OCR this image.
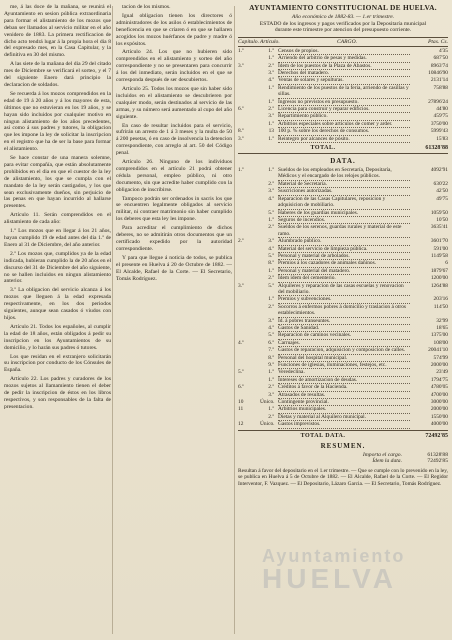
me, á las doce de la mañana, se reunirá el Ayuntamiento en sesion pública extraordinaria para formar el alistamiento de los mozos que deban ser llamados al servicio militar en el año venidero de 1883. La primera rectificacion de dicho acto tendrá lugar á la propia hora el dia 8 del expresado mes, en la Casa Capitular, y la definitiva en 30 del mismo.

A las siete de la mañana del dia 29 del citado mes de Diciembre se verificará el sorteo, y el 7 del siguiente Enero dará principio la declaracion de soldados.

Se recuerda á los mozos comprendidos en la edad de 19 á 20 años y á los mayores de esta, últimos que no estuvieran en los 19 años, y se hayan sido incluidos por cualquier motivo en ningun alistamiento de los años precedentes, así como á sus padres y tutores, la obligacion que les impone la ley de solicitar la inscripcion en el registro que ha de ser la base para formar el alistamiento.

Se hace constar de una manera solemne, para evitar compañía, que están absolutamente prohibidos en el dia en que el cuestor de la ley de alistamiento, los que se cumpla con el mandato de la ley serán castigados, y los que sean exclusivamente dueños, sin perjuicio de las penas en que hayan incurrido al hallarse presentes.

Artículo 11. Serán comprendidos en el alistamiento de cada año:

1.º Los mozos que en llegar á los 21 años, hayan cumplido 19 de edad antes del dia 1.º de Enero al 31 de Diciembre, del año anterior.

2.º Los mozos que, cumplidos ya de la edad indicada, hubieran cumplido la de 20 años en el discurso del 31 de Diciembre del año siguiente, no se hallen incluidos en ningun alistamiento anterior.

3.º La obligacion del servicio alcanza á los mozos que lleguen á la edad expresada respectivamente, en los dos periodos siguientes, aunque sean casados ó viudos con hijos.

Artículo 21. Todos los españoles, al cumplir la edad de 18 años, están obligados á pedir su inscripcion en los Ayuntamientos de su domicilio, y lo harán sus padres ó tutores.

Los que residan en el extranjero solicitarán su inscripcion por conducto de los Cónsules de España.

Artículo 22. Los padres y curadores de los mozos sujetos al llamamiento tienen el deber de pedir la inscripcion de éstos en los libros respectivos, y son responsables de la falta de presentacion.

tacion de los mismos.

Igual obligacion tienen los directores ó administradores de los asilos ó establecimientos de beneficencia en que se críaren ó en que se hallaren acogidos los mozos huérfanos de padre y madre ó los expósitos.

Artículo 24. Los que no hubieren sido comprendidos en el alistamiento y sorteo del año correspondiente y no se presentaren para concurrir á los del inmediato, serán incluidos en el que se corresponda después de ser descubiertos.

Artículo 25. Todos los mozos que sin haber sido incluidos en el alistamiento se descubrieren por cualquier modo, serán destinados al servicio de las armas, y su número será aumentado al cupo del año siguiente.

En caso de resultar incluidos para el servicio, sufrirán un arresto de 1 á 3 meses y la multa de 50 á 200 pesetas, ó en caso de insolvencia la detencion correspondiente, con arreglo al art. 50 del Código penal.

Artículo 26. Ninguno de los individuos comprendidos en el artículo 21 podrá obtener cédula personal, empleo público, ni otro documento, sin que acredite haber cumplido con la obligacion de inscribirse.

Tampoco podrán ser ordenados in sacris los que se encuentren legalmente obligados al servicio militar, ni contraer matrimonio sin haber cumplido los deberes que esta ley les impone.

Para acreditar el cumplimiento de dichos deberes, no se admitirán otros documentos que un certificado expedido por la autoridad correspondiente.

Y para que llegue á noticia de todos, se publica el presente en Huelva á 20 de Octubre de 1882. — El Alcalde, Rafael de la Corte. — El Secretario, Tomás Rodríguez.

AYUNTAMIENTO CONSTITUCIONAL DE HUELVA.

Año económico de 1882-83. — 1.er trimestre.

ESTADO de los ingresos y pagos verificados por la Depositaría municipal

durante este trimestre por atencion del presupuesto corriente.

Capítulo. Artículo.	CARGO.	Ptas. Cs.
1.º	1.º Censos de propios.	4'35
1.º Arriendo del arbitrio de pesas y medidas.	687'50
3.º	2.º Ídem de los puestos de la Plaza de Abastos.	8963'74
3.º Derechos del matadero.	10846'90
4.º Ventas de solares y sepulturas.	2131'14
1.º Rendimiento de los puestos de la feria, arriendo de casillas y sillas.
758'88
1.º Ingresos no previstos en presupuesto.	27896'24
6.º	2.º Licencia para construir y reparar edificios.	44'80
3.º Repartimiento público.	459'75
1.º Arbitrios especiales sobre artículos de comer y arder.	3750'00
8.º	13 100 p. % sobre los derechos de consumos.	5999'43
3.º	1.º Reintegro por alcances de pósito.	15'83
TOTAL.	61328'88
DATA.
1.º	1.º Sueldos de los empleados en Secretaría, Depositaría, Médicos y el encargado de los relojes públicos.
4092'91
2.º Material de Secretaría.	630'22
3.º Suscriciones autorizadas.	42'50
4.º Reparacion de las Casas Capitulares, reposicion y adquisicion de mobiliario.
49'75
5.º Haberes de los guardias municipales.	1059'50
1.º Seguros de incendios.	10'50
2.º Sueldos de los serenos, guardas rurales y material de este ramo.
3635'41
2.º	3.º Alumbrado público.	3601'70
4.º Material del servicio de limpieza pública.	591'00
5.º Personal y material de arbolados.	1149'58
8.º Premios á los cazadores de animales dañinos.	6
1.º Personal y material del matadero.	1879'67
2.º Ídem ídem del cementerio.	1200'00
3.º	5.º Alquileres y reparacion de las casas escuelas y renovacion del mobiliario.
1264'88
1.º Premios y subvenciones.	203'16
2.º Socorros á enfermos pobres á domicilio y traslacion á otros establecimientos.
114'50
3.º Íd. á pobres transeuntes.	32'99
4.º Gastos de Sanidad.	18'65
5.º Reparacion de caminos vecinales.	1375'00
4.º	6.º Carruajes.	108'00
7.º Gastos de reparacion, adquisicion y composicion de calles.	20041'10
8.º Personal del hospital municipal.	574'99
9.º Funciones de iglesias, iluminaciones, festejos, etc.	2000'00
5.º	1.º Veredeclina.	23'49
1.º Intereses de amortizacion de deudas.	1794'75
6.º	2.º Créditos á favor de la Hacienda.	4780'05
3.º Atrasados de resultas.	4700'00
10	Único. Contingente provincial.	3000'00
11	1.º Arbitrios municipales.	2000'00
2.º Dietas y material al Alquilero municipal.	1550'00
12	Único. Gastos imprevistos.	4000'00
TOTAL DATA.	72492'85
RESUMEN.
Importa el cargo.	61328'88
Ídem la data.	72492'85
Resultan á favor del depositario en el 1.er trimestre. — Que se cumple con lo prevenido en la ley, se publica en Huelva á 5 de Octubre de 1882. — El Alcalde, Rafael de la Corte. — El Regidor Interventor, F. Vazquez. — El Depositario, Lázaro Garcia. — El Secretario, Tomás Rodríguez.
Ayuntamiento
HUELVA
